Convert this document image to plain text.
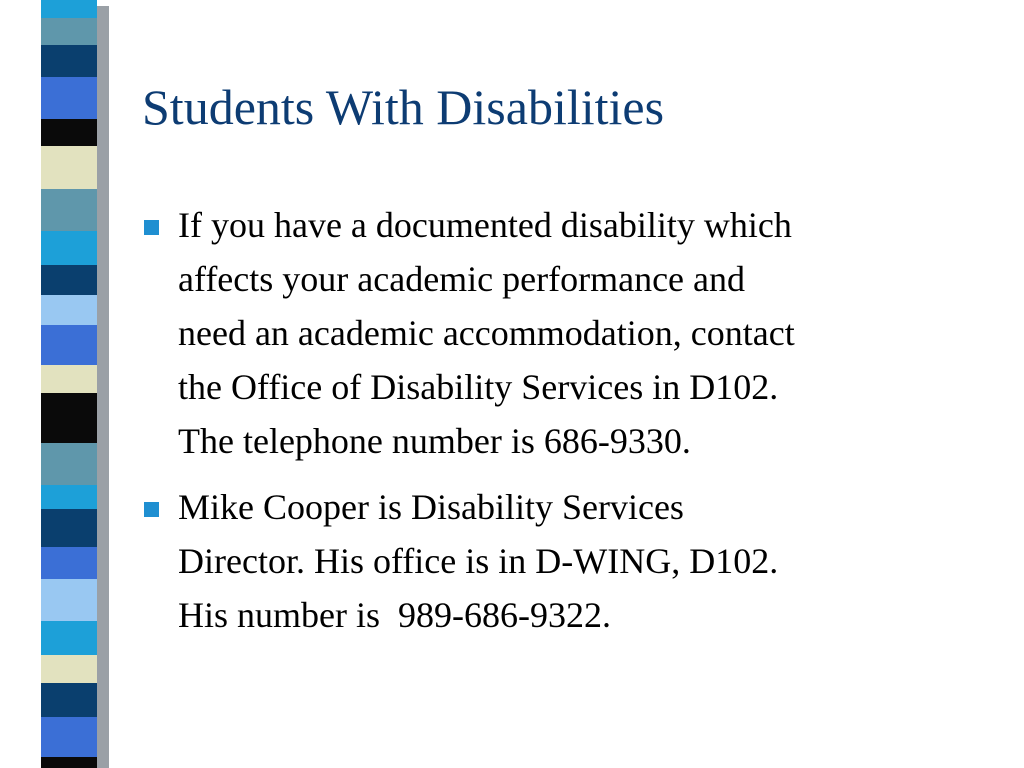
Students With Disabilities
If you have a documented disability which
affects your academic performance and
need an academic accommodation, contact
the Office of Disability Services in D102.
The telephone number is 686-9330.
Mike Cooper is Disability Services
Director. His office is in D-WING, D102.
His number is  989-686-9322.
